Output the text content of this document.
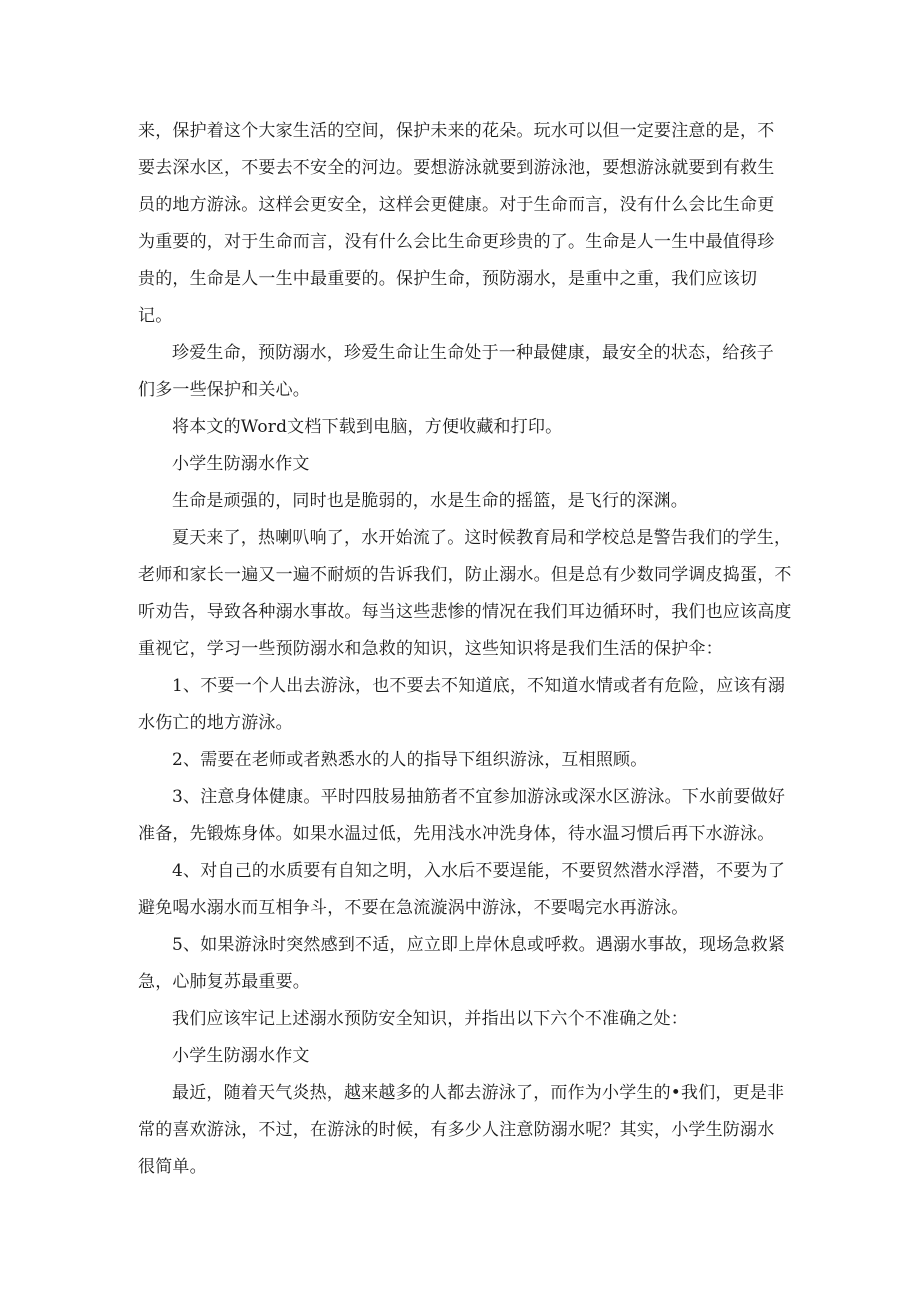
来，保护着这个大家生活的空间，保护未来的花朵。玩水可以但一定要注意的是，不
要去深水区，不要去不安全的河边。要想游泳就要到游泳池，要想游泳就要到有救生
员的地方游泳。这样会更安全，这样会更健康。对于生命而言，没有什么会比生命更
为重要的，对于生命而言，没有什么会比生命更珍贵的了。生命是人一生中最值得珍
贵的，生命是人一生中最重要的。保护生命，预防溺水，是重中之重，我们应该切
记。
珍爱生命，预防溺水，珍爱生命让生命处于一种最健康，最安全的状态，给孩子
们多一些保护和关心。
将本文的Word文档下载到电脑，方便收藏和打印。
小学生防溺水作文
生命是顽强的，同时也是脆弱的，水是生命的摇篮，是飞行的深渊。
夏天来了，热喇叭响了，水开始流了。这时候教育局和学校总是警告我们的学生，
老师和家长一遍又一遍不耐烦的告诉我们，防止溺水。但是总有少数同学调皮捣蛋，不
听劝告，导致各种溺水事故。每当这些悲惨的情况在我们耳边循环时，我们也应该高度
重视它，学习一些预防溺水和急救的知识，这些知识将是我们生活的保护伞：
1、不要一个人出去游泳，也不要去不知道底，不知道水情或者有危险，应该有溺
水伤亡的地方游泳。
2、需要在老师或者熟悉水的人的指导下组织游泳，互相照顾。
3、注意身体健康。平时四肢易抽筋者不宜参加游泳或深水区游泳。下水前要做好
准备，先锻炼身体。如果水温过低，先用浅水冲洗身体，待水温习惯后再下水游泳。
4、对自己的水质要有自知之明，入水后不要逞能，不要贸然潜水浮潜，不要为了
避免喝水溺水而互相争斗，不要在急流漩涡中游泳，不要喝完水再游泳。
5、如果游泳时突然感到不适，应立即上岸休息或呼救。遇溺水事故，现场急救紧
急，心肺复苏最重要。
我们应该牢记上述溺水预防安全知识，并指出以下六个不准确之处：
小学生防溺水作文
最近，随着天气炎热，越来越多的人都去游泳了，而作为小学生的•我们，更是非
常的喜欢游泳，不过，在游泳的时候，有多少人注意防溺水呢？其实，小学生防溺水
很简单。
